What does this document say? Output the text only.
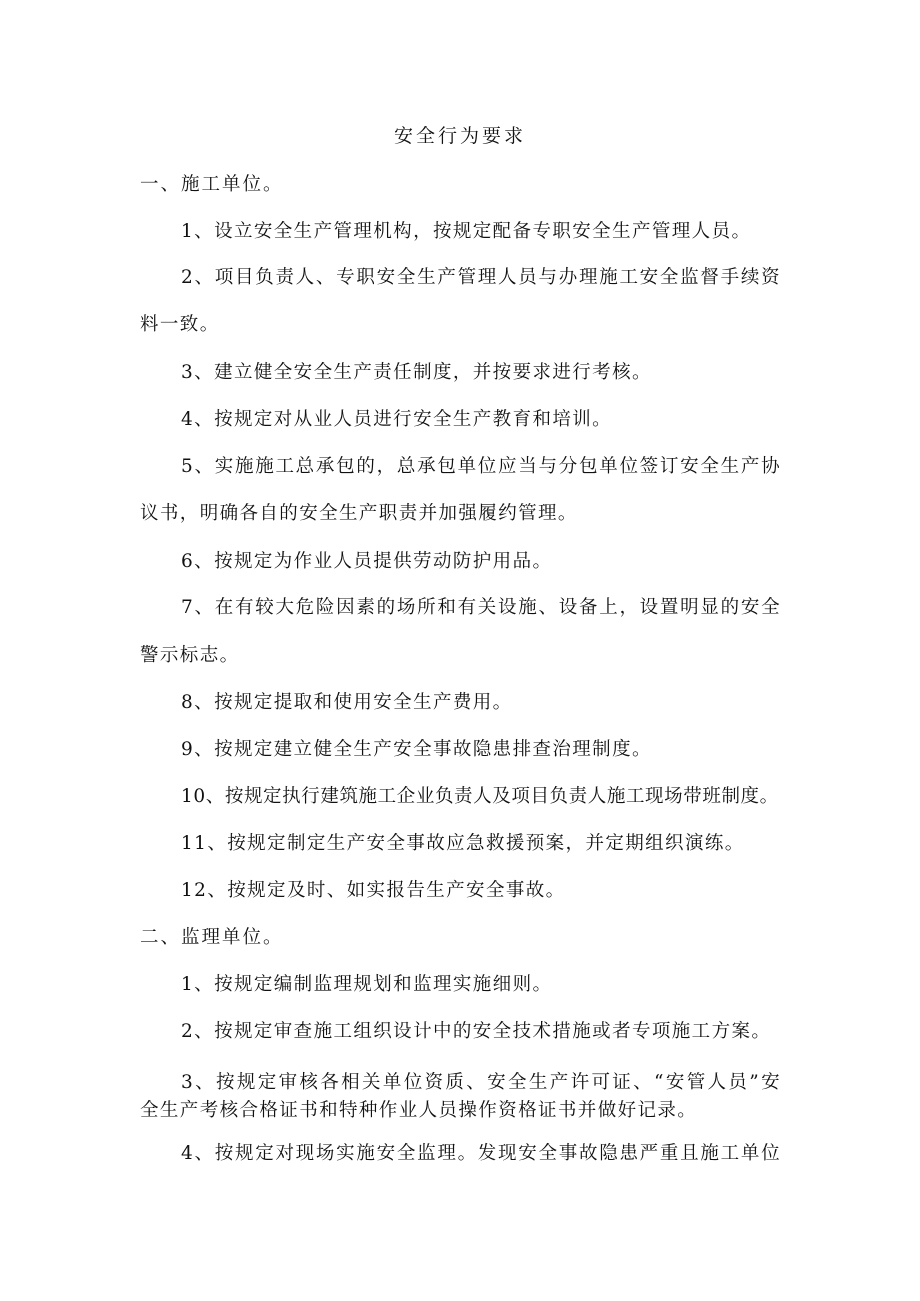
安全行为要求
一、施工单位。
1、设立安全生产管理机构，按规定配备专职安全生产管理人员。
2、项目负责人、专职安全生产管理人员与办理施工安全监督手续资
料一致。
3、建立健全安全生产责任制度，并按要求进行考核。
4、按规定对从业人员进行安全生产教育和培训。
5、实施施工总承包的，总承包单位应当与分包单位签订安全生产协
议书，明确各自的安全生产职责并加强履约管理。
6、按规定为作业人员提供劳动防护用品。
7、在有较大危险因素的场所和有关设施、设备上，设置明显的安全
警示标志。
8、按规定提取和使用安全生产费用。
9、按规定建立健全生产安全事故隐患排查治理制度。
10、按规定执行建筑施工企业负责人及项目负责人施工现场带班制度。
11、按规定制定生产安全事故应急救援预案，并定期组织演练。
12、按规定及时、如实报告生产安全事故。
二、监理单位。
1、按规定编制监理规划和监理实施细则。
2、按规定审查施工组织设计中的安全技术措施或者专项施工方案。
3、按规定审核各相关单位资质、安全生产许可证、“安管人员”安
全生产考核合格证书和特种作业人员操作资格证书并做好记录。
4、按规定对现场实施安全监理。发现安全事故隐患严重且施工单位
